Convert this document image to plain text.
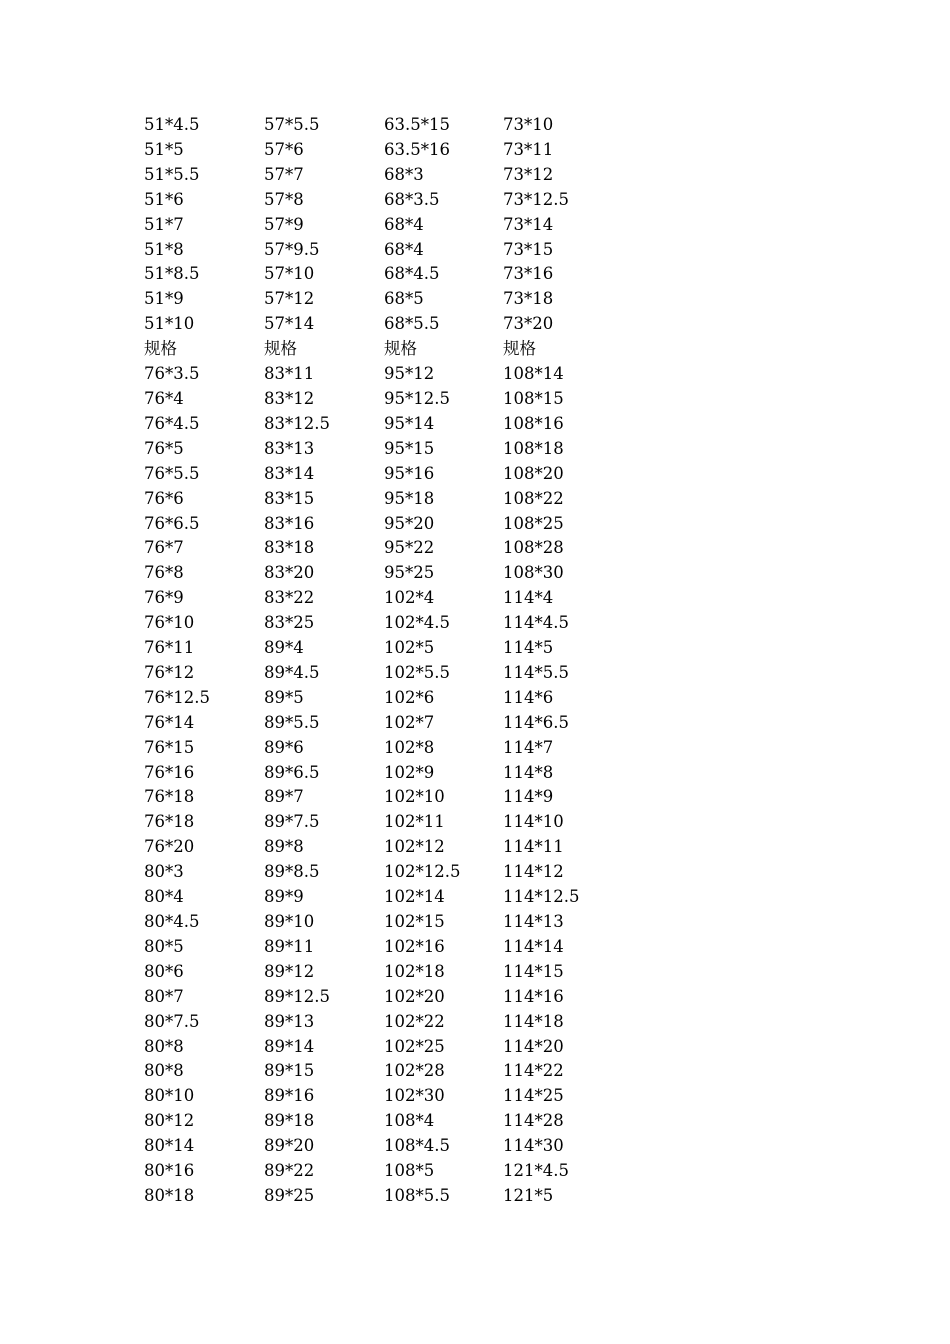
51*4.5	57*5.5	63.5*15	73*10
51*5	57*6	63.5*16	73*11
51*5.5	57*7	68*3	73*12
51*6	57*8	68*3.5	73*12.5
51*7	57*9	68*4	73*14
51*8	57*9.5	68*4	73*15
51*8.5	57*10	68*4.5	73*16
51*9	57*12	68*5	73*18
51*10	57*14	68*5.5	73*20
规格	规格	规格	规格
76*3.5	83*11	95*12	108*14
76*4	83*12	95*12.5	108*15
76*4.5	83*12.5	95*14	108*16
76*5	83*13	95*15	108*18
76*5.5	83*14	95*16	108*20
76*6	83*15	95*18	108*22
76*6.5	83*16	95*20	108*25
76*7	83*18	95*22	108*28
76*8	83*20	95*25	108*30
76*9	83*22	102*4	114*4
76*10	83*25	102*4.5	114*4.5
76*11	89*4	102*5	114*5
76*12	89*4.5	102*5.5	114*5.5
76*12.5	89*5	102*6	114*6
76*14	89*5.5	102*7	114*6.5
76*15	89*6	102*8	114*7
76*16	89*6.5	102*9	114*8
76*18	89*7	102*10	114*9
76*18	89*7.5	102*11	114*10
76*20	89*8	102*12	114*11
80*3	89*8.5	102*12.5	114*12
80*4	89*9	102*14	114*12.5
80*4.5	89*10	102*15	114*13
80*5	89*11	102*16	114*14
80*6	89*12	102*18	114*15
80*7	89*12.5	102*20	114*16
80*7.5	89*13	102*22	114*18
80*8	89*14	102*25	114*20
80*8	89*15	102*28	114*22
80*10	89*16	102*30	114*25
80*12	89*18	108*4	114*28
80*14	89*20	108*4.5	114*30
80*16	89*22	108*5	121*4.5
80*18	89*25	108*5.5	121*5
